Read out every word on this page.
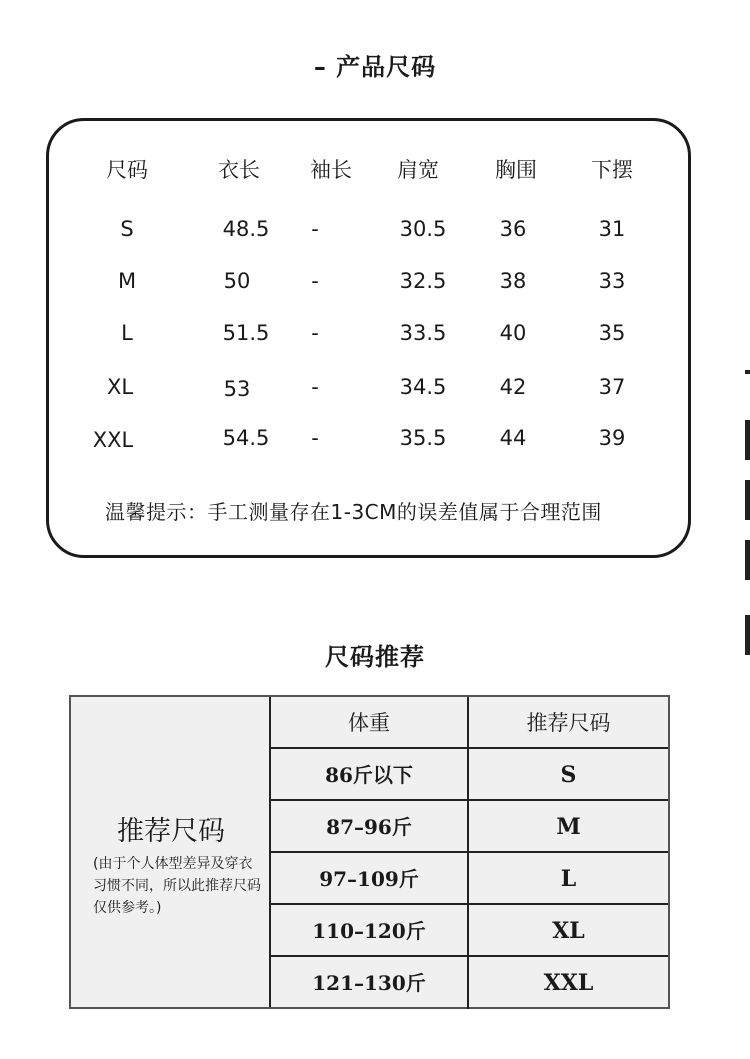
– 产品尺码
尺码	衣长	袖长	肩宽	胸围	下摆
S	48.5	-	30.5	36	31
M	50	-	32.5	38	33
L	51.5	-	33.5	40	35
XL	53	-	34.5	42	37
XXL	54.5	-	35.5	44	39
温馨提示：手工测量存在1-3CM的误差值属于合理范围
尺码推荐
推荐尺码
(由于个人体型差异及穿衣习惯不同，所以此推荐尺码仅供参考。)
体重	推荐尺码
86斤以下	S
87–96斤	M
97–109斤	L
110–120斤	XL
121–130斤	XXL
